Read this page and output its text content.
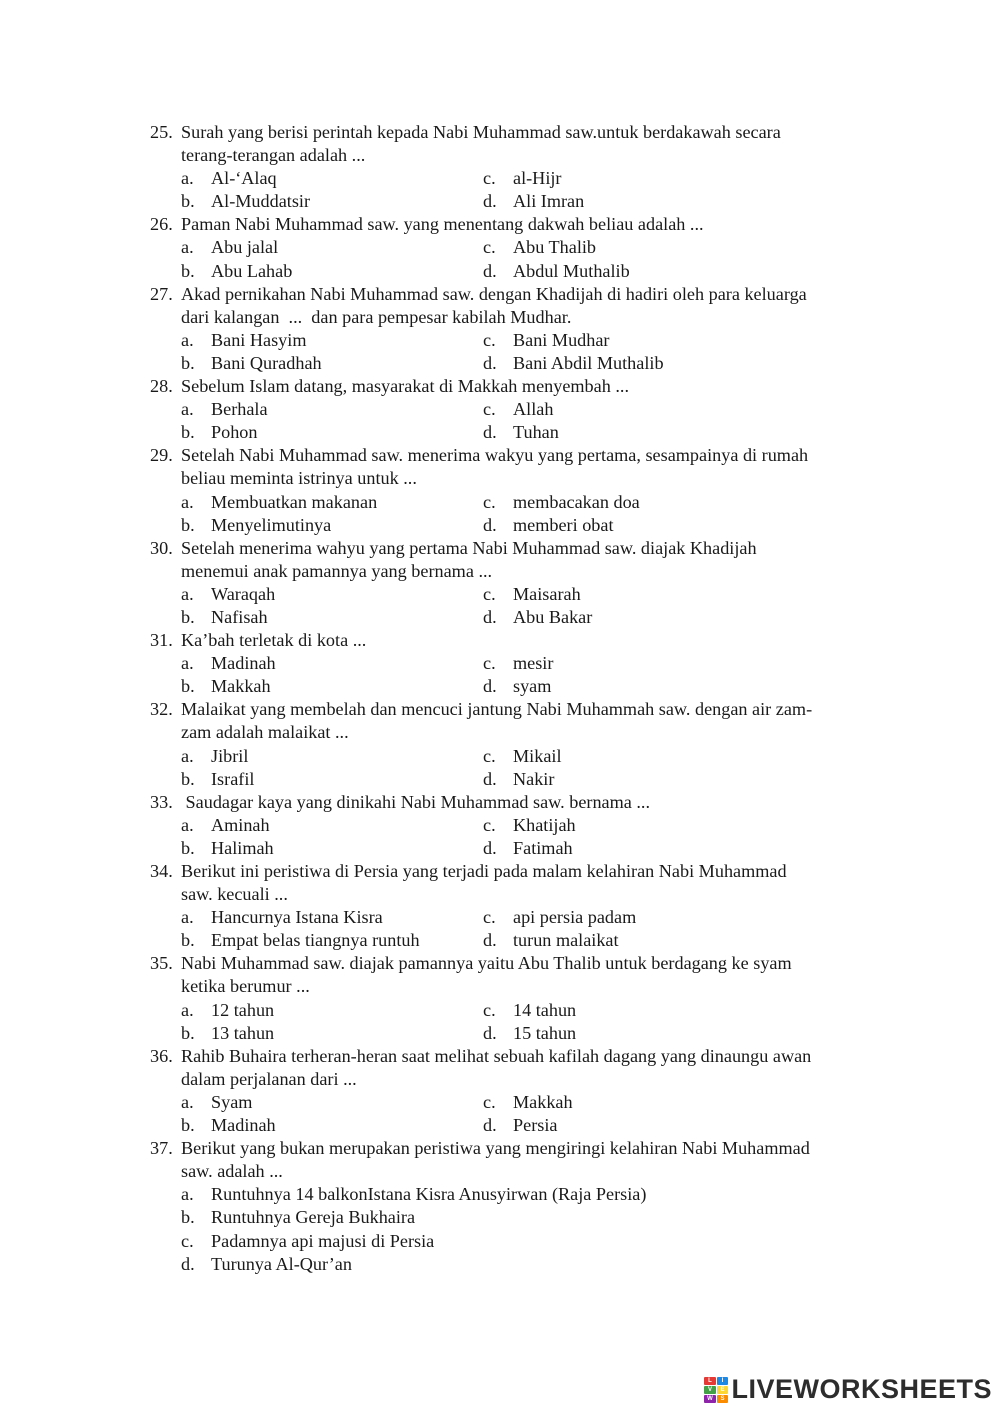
25. Surah yang berisi perintah kepada Nabi Muhammad saw.untuk berdakawah secara
terang-terangan adalah ...
a. Al-‘Alaq	c. al-Hijr
b. Al-Muddatsir	d. Ali Imran
26. Paman Nabi Muhammad saw. yang menentang dakwah beliau adalah ...
a. Abu jalal	c. Abu Thalib
b. Abu Lahab	d. Abdul Muthalib
27. Akad pernikahan Nabi Muhammad saw. dengan Khadijah di hadiri oleh para keluarga
dari kalangan  ...  dan para pempesar kabilah Mudhar.
a. Bani Hasyim	c. Bani Mudhar
b. Bani Quradhah	d. Bani Abdil Muthalib
28. Sebelum Islam datang, masyarakat di Makkah menyembah ...
a. Berhala	c. Allah
b. Pohon	d. Tuhan
29. Setelah Nabi Muhammad saw. menerima wakyu yang pertama, sesampainya di rumah
beliau meminta istrinya untuk ...
a. Membuatkan makanan	c. membacakan doa
b. Menyelimutinya	d. memberi obat
30. Setelah menerima wahyu yang pertama Nabi Muhammad saw. diajak Khadijah
menemui anak pamannya yang bernama ...
a. Waraqah	c. Maisarah
b. Nafisah	d. Abu Bakar
31. Ka’bah terletak di kota ...
a. Madinah	c. mesir
b. Makkah	d. syam
32. Malaikat yang membelah dan mencuci jantung Nabi Muhammah saw. dengan air zam-
zam adalah malaikat ...
a. Jibril	c. Mikail
b. Israfil	d. Nakir
33. Saudagar kaya yang dinikahi Nabi Muhammad saw. bernama ...
a. Aminah	c. Khatijah
b. Halimah	d. Fatimah
34. Berikut ini peristiwa di Persia yang terjadi pada malam kelahiran Nabi Muhammad
saw. kecuali ...
a. Hancurnya Istana Kisra	c. api persia padam
b. Empat belas tiangnya runtuh	d. turun malaikat
35. Nabi Muhammad saw. diajak pamannya yaitu Abu Thalib untuk berdagang ke syam
ketika berumur ...
a. 12 tahun	c. 14 tahun
b. 13 tahun	d. 15 tahun
36. Rahib Buhaira terheran-heran saat melihat sebuah kafilah dagang yang dinaungu awan
dalam perjalanan dari ...
a. Syam	c. Makkah
b. Madinah	d. Persia
37. Berikut yang bukan merupakan peristiwa yang mengiringi kelahiran Nabi Muhammad
saw. adalah ...
a. Runtuhnya 14 balkonIstana Kisra Anusyirwan (Raja Persia)
b. Runtuhnya Gereja Bukhaira
c. Padamnya api majusi di Persia
d. Turunya Al-Qur’an
L	I
V	E
W	S LIVEWORKSHEETS
